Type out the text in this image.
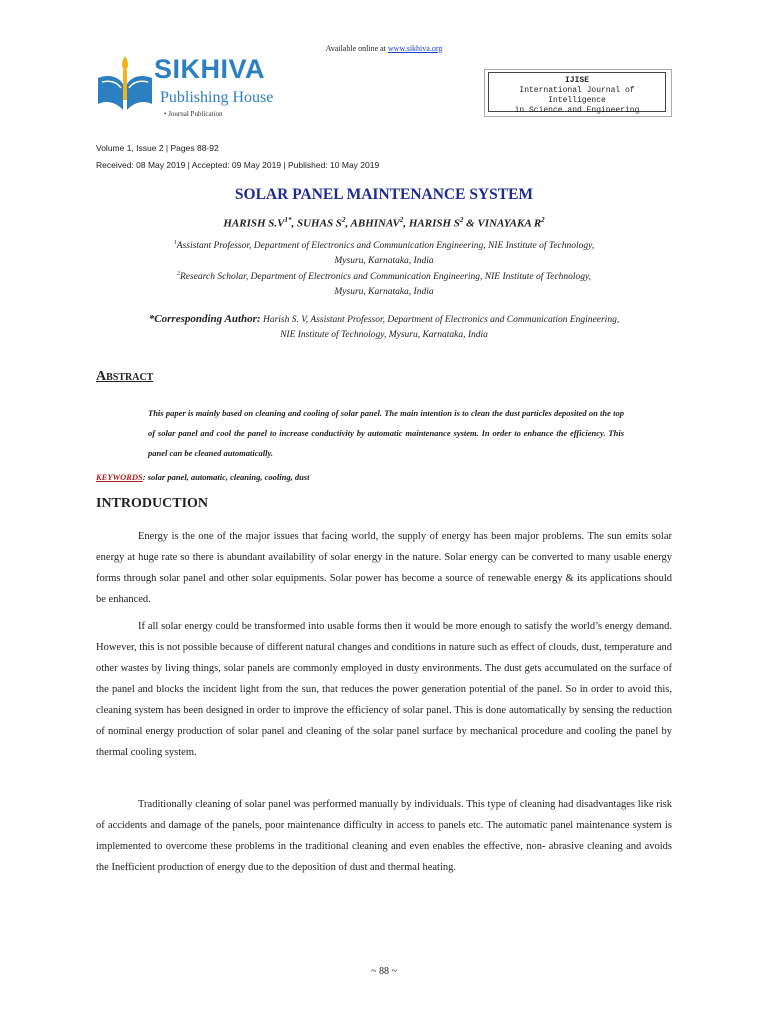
Available online at www.sikhiva.org
SIKHIVA
Publishing House
• Journal Publication
IJISE
International Journal of Intelligence
in Science and Engineering
Volume 1, Issue 2 | Pages 88-92
Received: 08 May 2019 | Accepted: 09 May 2019 | Published: 10 May 2019
SOLAR PANEL MAINTENANCE SYSTEM
HARISH $S.V^{1*}$, SUHAS $S^2$, ABHINAV$^2$, HARISH $S^2$ & VINAYAKA $R^2$
$^1$Assistant Professor, Department of Electronics and Communication Engineering, NIE Institute of Technology,
Mysuru, Karnataka, India
$^2$Research Scholar, Department of Electronics and Communication Engineering, NIE Institute of Technology,
Mysuru, Karnataka, India
*Corresponding Author: Harish S. V, Assistant Professor, Department of Electronics and Communication Engineering,
NIE Institute of Technology, Mysuru, Karnataka, India
Abstract
This paper is mainly based on cleaning and cooling of solar panel. The main intention is to clean the dust particles deposited on the top of solar panel and cool the panel to increase conductivity by automatic maintenance system. In order to enhance the efficiency. This panel can be cleaned automatically.
KEYWORDS: solar panel, automatic, cleaning, cooling, dust
INTRODUCTION
Energy is the one of the major issues that facing world, the supply of energy has been major problems. The sun emits solar energy at huge rate so there is abundant availability of solar energy in the nature. Solar energy can be converted to many usable energy forms through solar panel and other solar equipments. Solar power has become a source of renewable energy & its applications should be enhanced.
If all solar energy could be transformed into usable forms then it would be more enough to satisfy the world’s energy demand. However, this is not possible because of different natural changes and conditions in nature such as effect of clouds, dust, temperature and other wastes by living things, solar panels are commonly employed in dusty environments. The dust gets accumulated on the surface of the panel and blocks the incident light from the sun, that reduces the power generation potential of the panel. So in order to avoid this, cleaning system has been designed in order to improve the efficiency of solar panel. This is done automatically by sensing the reduction of nominal energy production of solar panel and cleaning of the solar panel surface by mechanical procedure and cooling the panel by thermal cooling system.
Traditionally cleaning of solar panel was performed manually by individuals. This type of cleaning had disadvantages like risk of accidents and damage of the panels, poor maintenance difficulty in access to panels etc. The automatic panel maintenance system is implemented to overcome these problems in the traditional cleaning and even enables the effective, non- abrasive cleaning and avoids the Inefficient production of energy due to the deposition of dust and thermal heating.
~ 88 ~
